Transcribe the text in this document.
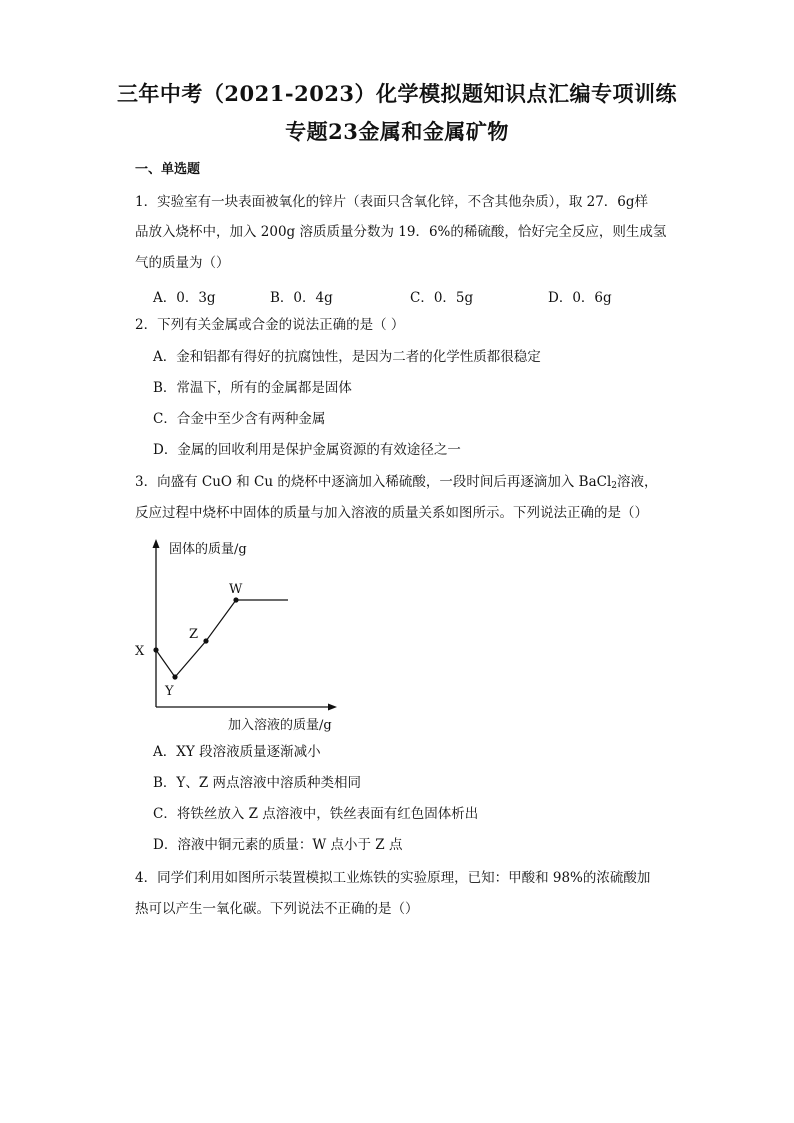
三年中考（2021-2023）化学模拟题知识点汇编专项训练
专题23金属和金属矿物
一、单选题
1．实验室有一块表面被氧化的锌片（表面只含氧化锌，不含其他杂质），取 27．6g样
品放入烧杯中，加入 200g 溶质质量分数为 19．6%的稀硫酸，恰好完全反应，则生成氢
气的质量为（）
A．0．3g	B．0．4g	C．0．5g	D．0．6g
2．下列有关金属或合金的说法正确的是（ ）
A．金和铝都有得好的抗腐蚀性，是因为二者的化学性质都很稳定
B．常温下，所有的金属都是固体
C．合金中至少含有两种金属
D．金属的回收利用是保护金属资源的有效途径之一
3．向盛有 CuO 和 Cu 的烧杯中逐滴加入稀硫酸，一段时间后再逐滴加入 BaCl$_2$溶液，
反应过程中烧杯中固体的质量与加入溶液的质量关系如图所示。下列说法正确的是（）
固体的质量/g
加入溶液的质量/g
X
Y
Z
W
A．XY 段溶液质量逐渐减小
B．Y、Z 两点溶液中溶质种类相同
C．将铁丝放入 Z 点溶液中，铁丝表面有红色固体析出
D．溶液中铜元素的质量：W 点小于 Z 点
4．同学们利用如图所示装置模拟工业炼铁的实验原理，已知：甲酸和 98%的浓硫酸加
热可以产生一氧化碳。下列说法不正确的是（）
